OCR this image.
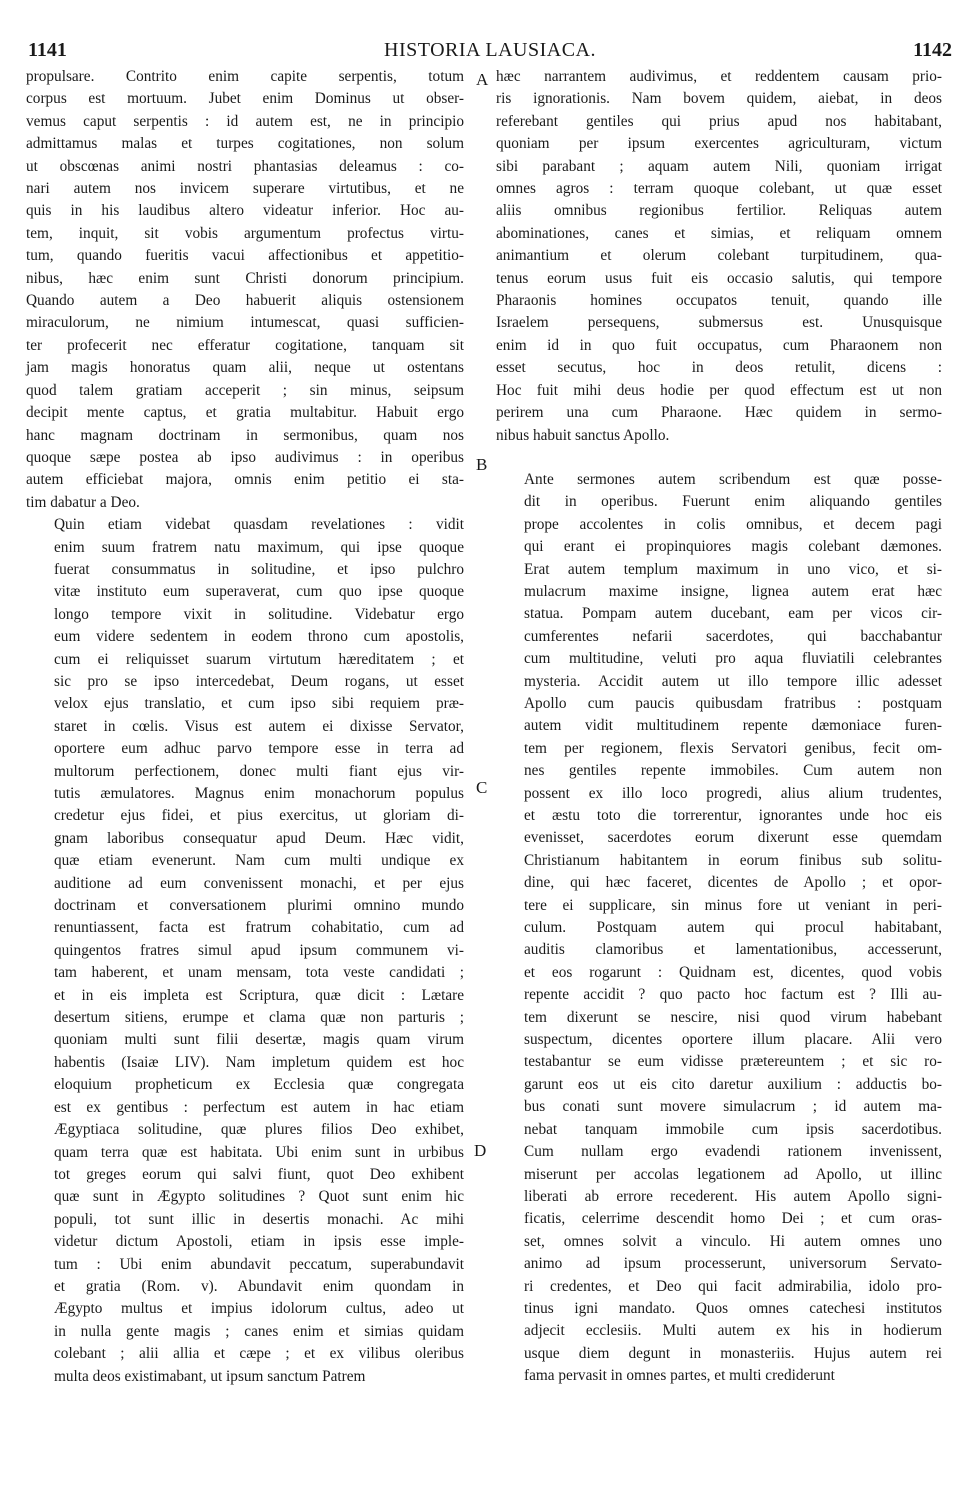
1141	HISTORIA LAUSIACA.	1142

propulsare. Contrito enim capite serpentis, totum
corpus est mortuum. Jubet enim Dominus ut obser-
vemus caput serpentis : id autem est, ne in principio
admittamus malas et turpes cogitationes, non solum
ut obscœnas animi nostri phantasias deleamus : co-
nari autem nos invicem superare virtutibus, et ne
quis in his laudibus altero videatur inferior. Hoc au-
tem, inquit, sit vobis argumentum profectus virtu-
tum, quando fueritis vacui affectionibus et appetitio-
nibus, hæc enim sunt Christi donorum principium.
Quando autem a Deo habuerit aliquis ostensionem
miraculorum, ne nimium intumescat, quasi sufficien-
ter profecerit nec efferatur cogitatione, tanquam sit
jam magis honoratus quam alii, neque ut ostentans
quod talem gratiam acceperit ; sin minus, seipsum
decipit mente captus, et gratia multabitur. Habuit ergo
hanc magnam doctrinam in sermonibus, quam nos
quoque sæpe postea ab ipso audivimus : in operibus
autem efficiebat majora, omnis enim petitio ei sta-
tim dabatur a Deo.

Quin etiam videbat quasdam revelationes : vidit
enim suum fratrem natu maximum, qui ipse quoque
fuerat consummatus in solitudine, et ipso pulchro
vitæ instituto eum superaverat, cum quo ipse quoque
longo tempore vixit in solitudine. Videbatur ergo
eum videre sedentem in eodem throno cum apostolis,
cum ei reliquisset suarum virtutum hæreditatem ; et
sic pro se ipso intercedebat, Deum rogans, ut esset
velox ejus translatio, et cum ipso sibi requiem præ-
staret in cœlis. Visus est autem ei dixisse Servator,
oportere eum adhuc parvo tempore esse in terra ad
multorum perfectionem, donec multi fiant ejus vir-
tutis æmulatores. Magnus enim monachorum populus
credetur ejus fidei, et pius exercitus, ut gloriam di-
gnam laboribus consequatur apud Deum. Hæc vidit,
quæ etiam evenerunt. Nam cum multi undique ex
auditione ad eum convenissent monachi, et per ejus
doctrinam et conversationem plurimi omnino mundo
renuntiassent, facta est fratrum cohabitatio, cum ad
quingentos fratres simul apud ipsum communem vi-
tam haberent, et unam mensam, tota veste candidati ;
et in eis impleta est Scriptura, quæ dicit : Lætare
desertum sitiens, erumpe et clama quæ non parturis ;
quoniam multi sunt filii desertæ, magis quam virum
habentis (Isaiæ LIV). Nam impletum quidem est hoc
eloquium propheticum ex Ecclesia quæ congregata
est ex gentibus : perfectum est autem in hac etiam
Ægyptiaca solitudine, quæ plures filios Deo exhibet,
quam terra quæ est habitata. Ubi enim sunt in urbibus
tot greges eorum qui salvi fiunt, quot Deo exhibent
quæ sunt in Ægypto solitudines ? Quot sunt enim hic
populi, tot sunt illic in desertis monachi. Ac mihi
videtur dictum Apostoli, etiam in ipsis esse imple-
tum : Ubi enim abundavit peccatum, superabundavit
et gratia (Rom. v). Abundavit enim quondam in
Ægypto multus et impius idolorum cultus, adeo ut
in nulla gente magis ; canes enim et simias quidam
colebant ; alii allia et cæpe ; et ex vilibus oleribus
multa deos existimabant, ut ipsum sanctum Patrem

hæc narrantem audivimus, et reddentem causam prio-
ris ignorationis. Nam bovem quidem, aiebat, in deos
referebant gentiles qui prius apud nos habitabant,
quoniam per ipsum exercentes agriculturam, victum
sibi parabant ; aquam autem Nili, quoniam irrigat
omnes agros : terram quoque colebant, ut quæ esset
aliis omnibus regionibus fertilior. Reliquas autem
abominationes, canes et simias, et reliquam omnem
animantium et olerum colebant turpitudinem, qua-
tenus eorum usus fuit eis occasio salutis, qui tempore
Pharaonis homines occupatos tenuit, quando ille
Israelem persequens, submersus est. Unusquisque
enim id in quo fuit occupatus, cum Pharaonem non
esset secutus, hoc in deos retulit, dicens :
Hoc fuit mihi deus hodie per quod effectum est ut non
perirem una cum Pharaone. Hæc quidem in sermo-
nibus habuit sanctus Apollo.

Ante sermones autem scribendum est quæ posse-
dit in operibus. Fuerunt enim aliquando gentiles
prope accolentes in colis omnibus, et decem pagi
qui erant ei propinquiores magis colebant dæmones.
Erat autem templum maximum in uno vico, et si-
mulacrum maxime insigne, lignea autem erat hæc
statua. Pompam autem ducebant, eam per vicos cir-
cumferentes nefarii sacerdotes, qui bacchabantur
cum multitudine, veluti pro aqua fluviatili celebrantes
mysteria. Accidit autem ut illo tempore illic adesset
Apollo cum paucis quibusdam fratribus : postquam
autem vidit multitudinem repente dæmoniace furen-
tem per regionem, flexis Servatori genibus, fecit om-
nes gentiles repente immobiles. Cum autem non
possent ex illo loco progredi, alius alium trudentes,
et æstu toto die torrerentur, ignorantes unde hoc eis
evenisset, sacerdotes eorum dixerunt esse quemdam
Christianum habitantem in eorum finibus sub solitu-
dine, qui hæc faceret, dicentes de Apollo ; et opor-
tere ei supplicare, sin minus fore ut veniant in peri-
culum. Postquam autem qui procul habitabant,
auditis clamoribus et lamentationibus, accesserunt,
et eos rogarunt : Quidnam est, dicentes, quod vobis
repente accidit ? quo pacto hoc factum est ? Illi au-
tem dixerunt se nescire, nisi quod virum habebant
suspectum, dicentes oportere illum placare. Alii vero
testabantur se eum vidisse prætereuntem ; et sic ro-
garunt eos ut eis cito daretur auxilium : adductis bo-
bus conati sunt movere simulacrum ; id autem ma-
nebat tanquam immobile cum ipsis sacerdotibus.
Cum nullam ergo evadendi rationem invenissent,
miserunt per accolas legationem ad Apollo, ut illinc
liberati ab errore recederent. His autem Apollo signi-
ficatis, celerrime descendit homo Dei ; et cum oras-
set, omnes solvit a vinculo. Hi autem omnes uno
animo ad ipsum processerunt, universorum Servato-
ri credentes, et Deo qui facit admirabilia, idolo pro-
tinus igni mandato. Quos omnes catechesi institutos
adjecit ecclesiis. Multi autem ex his in hodierum
usque diem degunt in monasteriis. Hujus autem rei
fama pervasit in omnes partes, et multi crediderunt

A
B
C
D
